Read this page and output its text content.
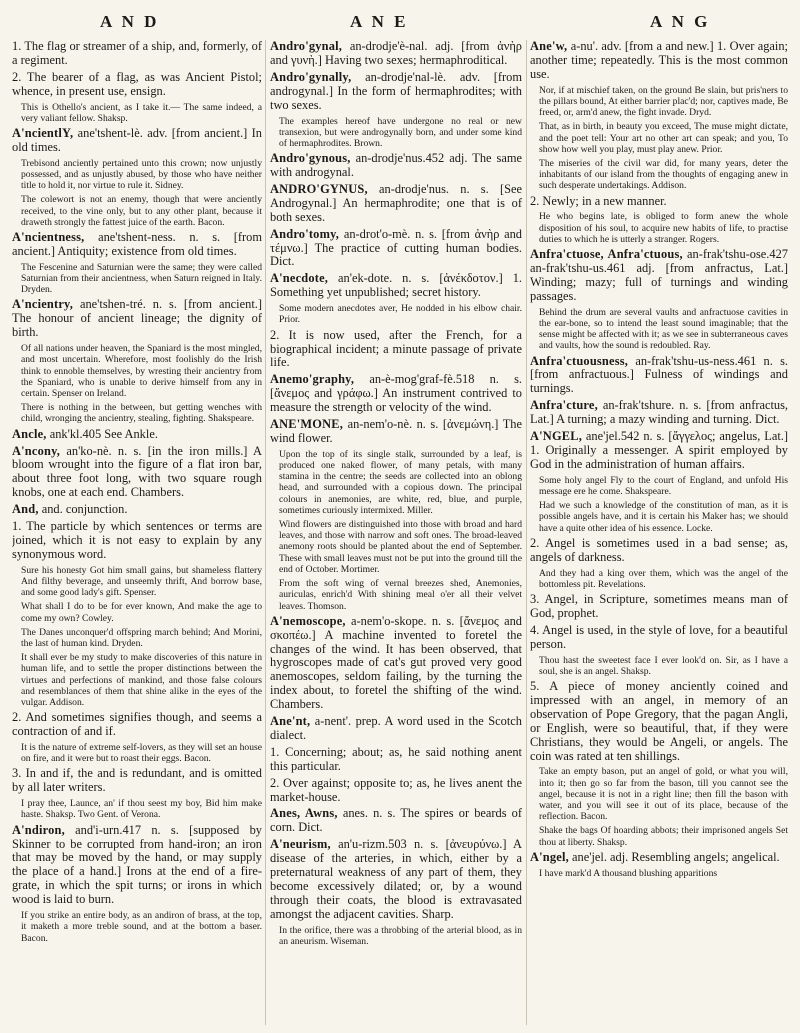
A N D	A N E	A N G
1. The flag or streamer of a ship, and, formerly, of a regiment.
2. The bearer of a flag, as was Ancient Pistol; whence, in present use, ensign.
This is Othello's ancient, as I take it.— The same indeed, a very valiant fellow. Shaksp.
A'ncientlY, ane'tshent-lè. adv. [from ancient.] In old times.
Trebisond anciently pertained unto this crown; now unjustly possessed, and as unjustly abused, by those who have neither title to hold it, nor virtue to rule it. Sidney.
The colewort is not an enemy, though that were anciently received, to the vine only, but to any other plant, because it draweth strongly the fattest juice of the earth. Bacon.
A'ncientness, ane'tshent-ness. n. s. [from ancient.] Antiquity; existence from old times.
The Fescenine and Saturnian were the same; they were called Saturnian from their ancientness, when Saturn reigned in Italy. Dryden.
A'ncientry, ane'tshen-tré. n. s. [from ancient.] The honour of ancient lineage; the dignity of birth.
Of all nations under heaven, the Spaniard is the most mingled, and most uncertain. Wherefore, most foolishly do the Irish think to ennoble themselves, by wresting their ancientry from the Spaniard, who is unable to derive himself from any in certain. Spenser on Ireland.
There is nothing in the between, but getting wenches with child, wronging the ancientry, stealing, fighting. Shakspeare.
Ancle, ank'kl.405 See Ankle.
A'ncony, an'ko-nè. n. s. [in the iron mills.] A bloom wrought into the figure of a flat iron bar, about three foot long, with two square rough knobs, one at each end. Chambers.
And, and. conjunction.
1. The particle by which sentences or terms are joined, which it is not easy to explain by any synonymous word.
Sure his honesty Got him small gains, but shameless flattery And filthy beverage, and unseemly thrift, And borrow base, and some good lady's gift. Spenser.
What shall I do to be for ever known, And make the age to come my own? Cowley.
The Danes unconquer'd offspring march behind; And Morini, the last of human kind. Dryden.
It shall ever be my study to make discoveries of this nature in human life, and to settle the proper distinctions between the virtues and perfections of mankind, and those false colours and resemblances of them that shine alike in the eyes of the vulgar. Addison.
2. And sometimes signifies though, and seems a contraction of and if.
It is the nature of extreme self-lovers, as they will set an house on fire, and it were but to roast their eggs. Bacon.
3. In and if, the and is redundant, and is omitted by all later writers.
I pray thee, Launce, an' if thou seest my boy, Bid him make haste. Shaksp. Two Gent. of Verona.
A'ndiron, and'i-urn.417 n. s. [supposed by Skinner to be corrupted from hand-iron; an iron that may be moved by the hand, or may supply the place of a hand.] Irons at the end of a fire-grate, in which the spit turns; or irons in which wood is laid to burn.
If you strike an entire body, as an andiron of brass, at the top, it maketh a more treble sound, and at the bottom a baser. Bacon.
Andro'gynal, an-drodje'è-nal. adj. [from ἀνὴρ and γυνὴ.] Having two sexes; hermaphroditical.
Andro'gynally, an-drodje'nal-lè. adv. [from androgynal.] In the form of hermaphrodites; with two sexes.
The examples hereof have undergone no real or new transexion, but were androgynally born, and under some kind of hermaphrodites. Brown.
Andro'gynous, an-drodje'nus.452 adj. The same with androgynal.
ANDRO'GYNUS, an-drodje'nus. n. s. [See Androgynal.] An hermaphrodite; one that is of both sexes.
Andro'tomy, an-drot'o-mè. n. s. [from ἀνὴρ and τέμνω.] The practice of cutting human bodies. Dict.
A'necdote, an'ek-dote. n. s. [ἀνέκδοτον.] 1. Something yet unpublished; secret history.
Some modern anecdotes aver, He nodded in his elbow chair. Prior.
2. It is now used, after the French, for a biographical incident; a minute passage of private life.
Anemo'graphy, an-è-mog'graf-fè.518 n. s. [ἄνεμος and γράφω.] An instrument contrived to measure the strength or velocity of the wind.
ANE'MONE, an-nem'o-nè. n. s. [ἀνεμώνη.] The wind flower.
Upon the top of its single stalk, surrounded by a leaf, is produced one naked flower, of many petals, with many stamina in the centre; the seeds are collected into an oblong head, and surrounded with a copious down. The principal colours in anemonies, are white, red, blue, and purple, sometimes curiously intermixed. Miller.
Wind flowers are distinguished into those with broad and hard leaves, and those with narrow and soft ones. The broad-leaved anemony roots should be planted about the end of September. These with small leaves must not be put into the ground till the end of October. Mortimer.
From the soft wing of vernal breezes shed, Anemonies, auriculas, enrich'd With shining meal o'er all their velvet leaves. Thomson.
A'nemoscope, a-nem'o-skope. n. s. [ἄνεμος and σκοπέω.] A machine invented to foretel the changes of the wind. It has been observed, that hygroscopes made of cat's gut proved very good anemoscopes, seldom failing, by the turning the index about, to foretel the shifting of the wind. Chambers.
Ane'nt, a-nent'. prep. A word used in the Scotch dialect.
1. Concerning; about; as, he said nothing anent this particular.
2. Over against; opposite to; as, he lives anent the market-house.
Anes, Awns, anes. n. s. The spires or beards of corn. Dict.
A'neurism, an'u-rizm.503 n. s. [ἀνευρύνω.] A disease of the arteries, in which, either by a preternatural weakness of any part of them, they become excessively dilated; or, by a wound through their coats, the blood is extravasated amongst the adjacent cavities. Sharp.
In the orifice, there was a throbbing of the arterial blood, as in an aneurism. Wiseman.
Ane'w, a-nu'. adv. [from a and new.] 1. Over again; another time; repeatedly. This is the most common use.
Nor, if at mischief taken, on the ground Be slain, but pris'ners to the pillars bound, At either barrier plac'd; nor, captives made, Be freed, or, arm'd anew, the fight invade. Dryd.
That, as in birth, in beauty you exceed, The muse might dictate, and the poet tell: Your art no other art can speak; and you, To show how well you play, must play anew. Prior.
The miseries of the civil war did, for many years, deter the inhabitants of our island from the thoughts of engaging anew in such desperate undertakings. Addison.
2. Newly; in a new manner.
He who begins late, is obliged to form anew the whole disposition of his soul, to acquire new habits of life, to practise duties to which he is utterly a stranger. Rogers.
Anfra'ctuose, Anfra'ctuous, an-frak'tshu-ose.427 an-frak'tshu-us.461 adj. [from anfractus, Lat.] Winding; mazy; full of turnings and winding passages.
Behind the drum are several vaults and anfractuose cavities in the ear-bone, so to intend the least sound imaginable; that the sense might be affected with it; as we see in subterraneous caves and vaults, how the sound is redoubled. Ray.
Anfra'ctuousness, an-frak'tshu-us-ness.461 n. s. [from anfractuous.] Fulness of windings and turnings.
Anfra'cture, an-frak'tshure. n. s. [from anfractus, Lat.] A turning; a mazy winding and turning. Dict.
A'NGEL, ane'jel.542 n. s. [ἄγγελος; angelus, Lat.] 1. Originally a messenger. A spirit employed by God in the administration of human affairs.
Some holy angel Fly to the court of England, and unfold His message ere he come. Shakspeare.
Had we such a knowledge of the constitution of man, as it is possible angels have, and it is certain his Maker has; we should have a quite other idea of his essence. Locke.
2. Angel is sometimes used in a bad sense; as, angels of darkness.
And they had a king over them, which was the angel of the bottomless pit. Revelations.
3. Angel, in Scripture, sometimes means man of God, prophet.
4. Angel is used, in the style of love, for a beautiful person.
Thou hast the sweetest face I ever look'd on. Sir, as I have a soul, she is an angel. Shaksp.
5. A piece of money anciently coined and impressed with an angel, in memory of an observation of Pope Gregory, that the pagan Angli, or English, were so beautiful, that, if they were Christians, they would be Angeli, or angels. The coin was rated at ten shillings.
Take an empty bason, put an angel of gold, or what you will, into it; then go so far from the bason, till you cannot see the angel, because it is not in a right line; then fill the bason with water, and you will see it out of its place, because of the reflection. Bacon.
Shake the bags Of hoarding abbots; their imprisoned angels Set thou at liberty. Shaksp.
A'ngel, ane'jel. adj. Resembling angels; angelical.
I have mark'd A thousand blushing apparitions
